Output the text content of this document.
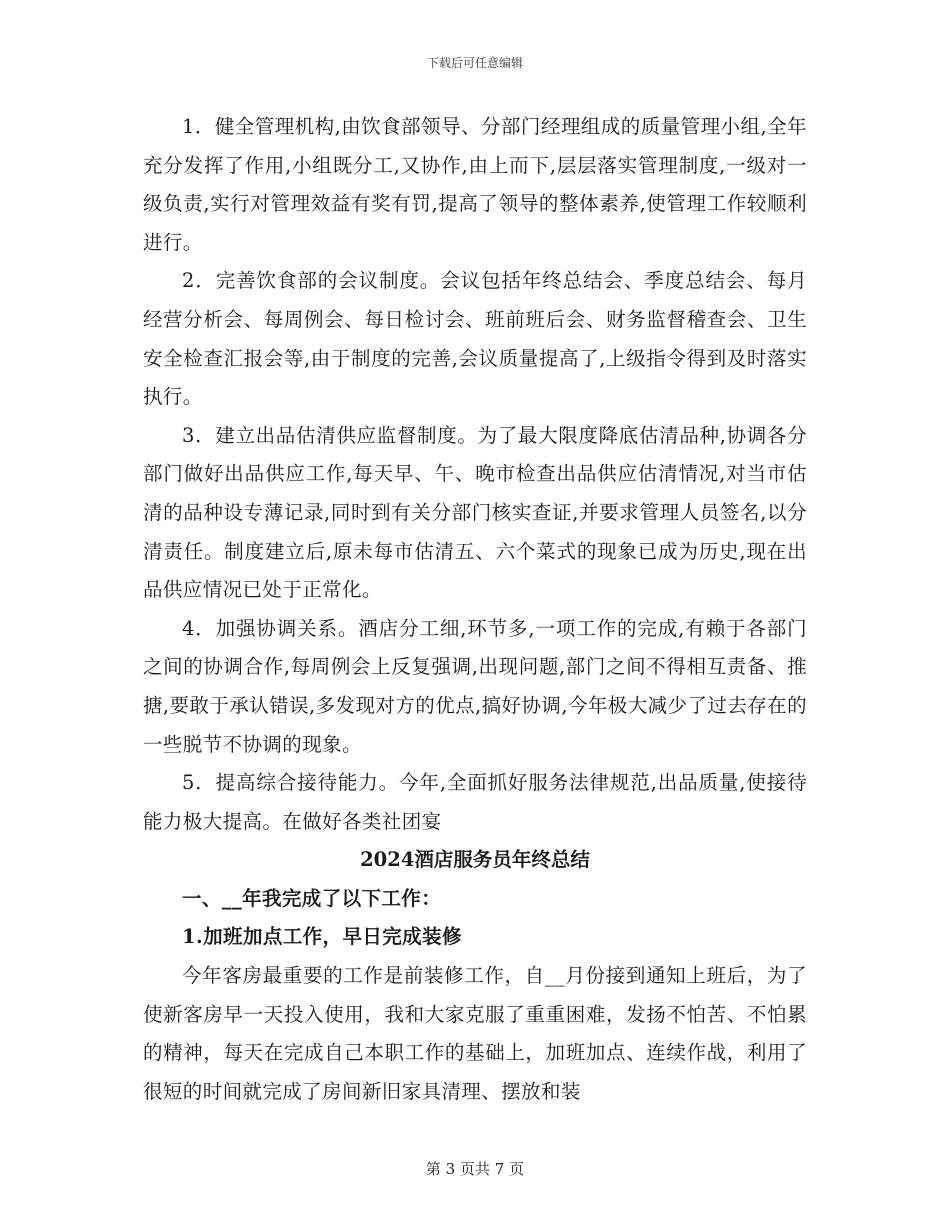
下载后可任意编辑

1．健全管理机构,由饮食部领导、分部门经理组成的质量管理小组,全年充分发挥了作用,小组既分工,又协作,由上而下,层层落实管理制度,一级对一级负责,实行对管理效益有奖有罚,提高了领导的整体素养,使管理工作较顺利进行。

2．完善饮食部的会议制度。会议包括年终总结会、季度总结会、每月经营分析会、每周例会、每日检讨会、班前班后会、财务监督稽查会、卫生安全检查汇报会等,由于制度的完善,会议质量提高了,上级指令得到及时落实执行。

3．建立出品估清供应监督制度。为了最大限度降底估清品种,协调各分部门做好出品供应工作,每天早、午、晚市检查出品供应估清情况,对当市估清的品种设专薄记录,同时到有关分部门核实查证,并要求管理人员签名,以分清责任。制度建立后,原未每市估清五、六个菜式的现象已成为历史,现在出品供应情况已处于正常化。

4．加强协调关系。酒店分工细,环节多,一项工作的完成,有赖于各部门之间的协调合作,每周例会上反复强调,出现问题,部门之间不得相互责备、推搪,要敢于承认错误,多发现对方的优点,搞好协调,今年极大减少了过去存在的一些脱节不协调的现象。

5．提高综合接待能力。今年,全面抓好服务法律规范,出品质量,使接待能力极大提高。在做好各类社团宴

2024酒店服务员年终总结

一、__年我完成了以下工作：

1.加班加点工作，早日完成装修

今年客房最重要的工作是前装修工作，自__月份接到通知上班后，为了使新客房早一天投入使用，我和大家克服了重重困难，发扬不怕苦、不怕累的精神，每天在完成自己本职工作的基础上，加班加点、连续作战，利用了很短的时间就完成了房间新旧家具清理、摆放和装

第 3 页共 7 页
